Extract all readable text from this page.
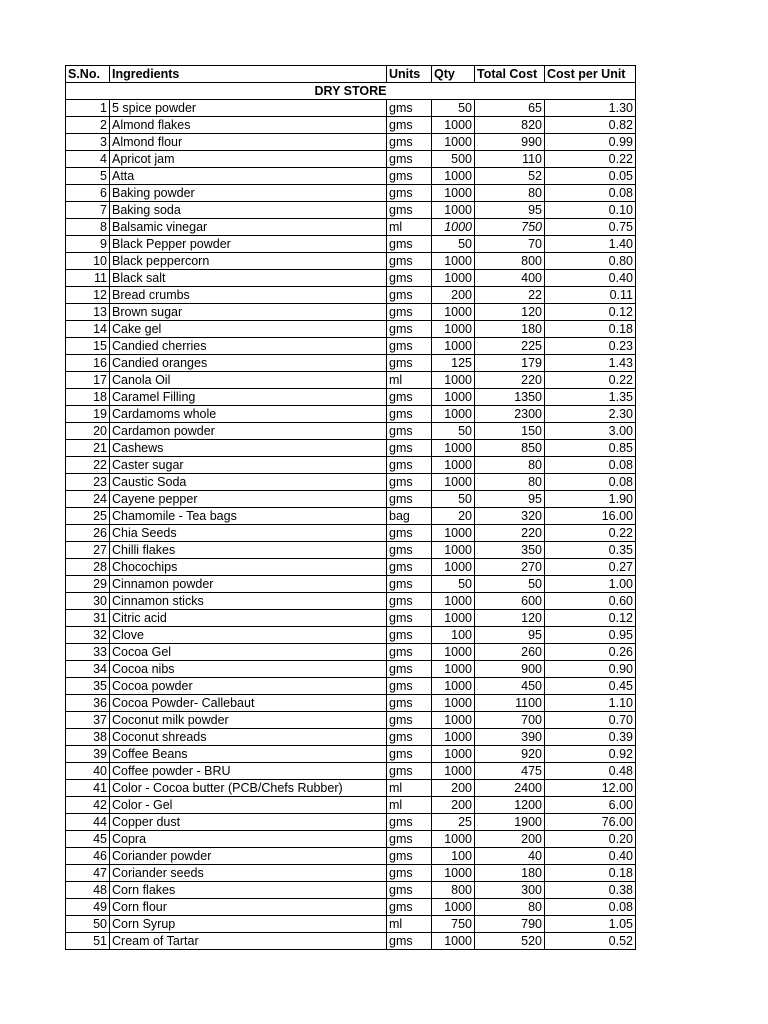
S.No.	Ingredients	Units	Qty	Total Cost	Cost per Unit
DRY STORE					
1	5 spice powder	gms	50	65	1.30
2	Almond flakes	gms	1000	820	0.82
3	Almond flour	gms	1000	990	0.99
4	Apricot jam	gms	500	110	0.22
5	Atta	gms	1000	52	0.05
6	Baking powder	gms	1000	80	0.08
7	Baking soda	gms	1000	95	0.10
8	Balsamic vinegar	ml	1000	750	0.75
9	Black Pepper powder	gms	50	70	1.40
10	Black peppercorn	gms	1000	800	0.80
11	Black salt	gms	1000	400	0.40
12	Bread crumbs	gms	200	22	0.11
13	Brown sugar	gms	1000	120	0.12
14	Cake gel	gms	1000	180	0.18
15	Candied cherries	gms	1000	225	0.23
16	Candied oranges	gms	125	179	1.43
17	Canola Oil	ml	1000	220	0.22
18	Caramel Filling	gms	1000	1350	1.35
19	Cardamoms whole	gms	1000	2300	2.30
20	Cardamon powder	gms	50	150	3.00
21	Cashews	gms	1000	850	0.85
22	Caster sugar	gms	1000	80	0.08
23	Caustic Soda	gms	1000	80	0.08
24	Cayene pepper	gms	50	95	1.90
25	Chamomile - Tea bags	bag	20	320	16.00
26	Chia Seeds	gms	1000	220	0.22
27	Chilli flakes	gms	1000	350	0.35
28	Chocochips	gms	1000	270	0.27
29	Cinnamon powder	gms	50	50	1.00
30	Cinnamon sticks	gms	1000	600	0.60
31	Citric acid	gms	1000	120	0.12
32	Clove	gms	100	95	0.95
33	Cocoa Gel	gms	1000	260	0.26
34	Cocoa nibs	gms	1000	900	0.90
35	Cocoa powder	gms	1000	450	0.45
36	Cocoa Powder- Callebaut	gms	1000	1100	1.10
37	Coconut milk powder	gms	1000	700	0.70
38	Coconut shreads	gms	1000	390	0.39
39	Coffee Beans	gms	1000	920	0.92
40	Coffee powder - BRU	gms	1000	475	0.48
41	Color - Cocoa butter (PCB/Chefs Rubber)	ml	200	2400	12.00
42	Color - Gel	ml	200	1200	6.00
44	Copper dust	gms	25	1900	76.00
45	Copra	gms	1000	200	0.20
46	Coriander powder	gms	100	40	0.40
47	Coriander seeds	gms	1000	180	0.18
48	Corn flakes	gms	800	300	0.38
49	Corn flour	gms	1000	80	0.08
50	Corn Syrup	ml	750	790	1.05
51	Cream of Tartar	gms	1000	520	0.52
